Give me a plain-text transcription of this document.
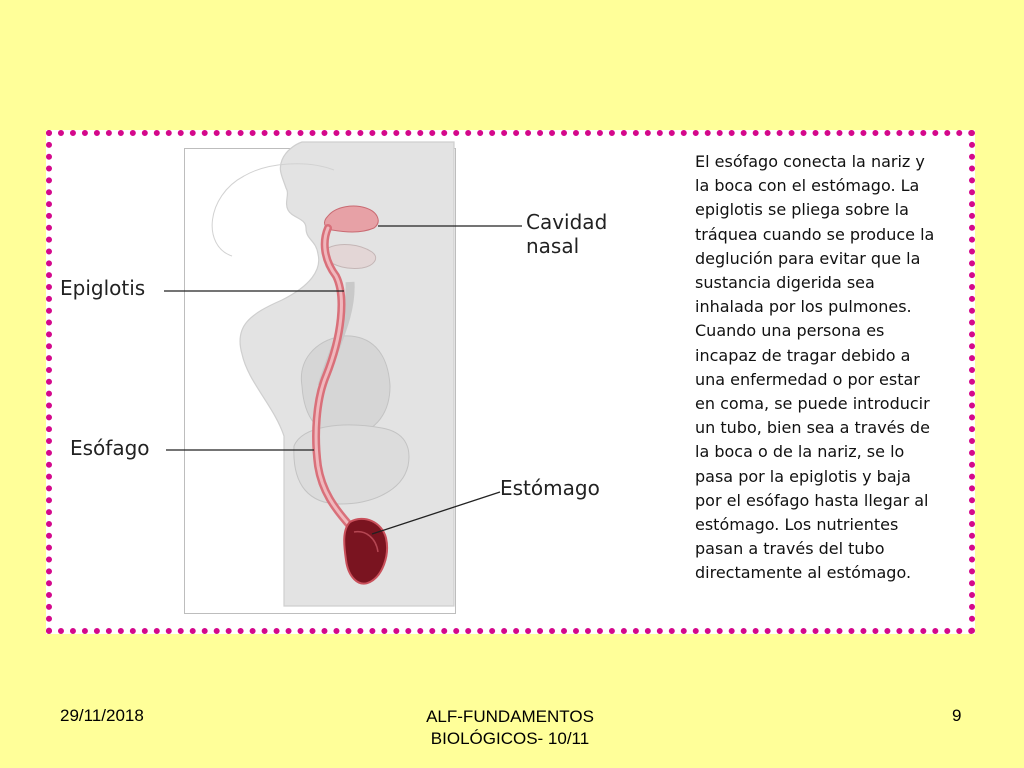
Cavidad
nasal
Epiglotis
Esófago
Estómago

El esófago conecta la nariz y

la boca con el estómago. La

epiglotis se pliega sobre la

tráquea cuando se produce la

deglución para evitar que la

sustancia digerida sea

inhalada por los pulmones.

Cuando una persona es

incapaz de tragar debido a

una enfermedad o por estar

en coma, se puede introducir

un tubo, bien sea a través de

la boca o de la nariz, se lo

pasa por la epiglotis y baja

por el esófago hasta llegar al

estómago. Los nutrientes

pasan a través del tubo

directamente al estómago.

29/11/2018	ALF-FUNDAMENTOS
BIOLÓGICOS- 10/11
9
